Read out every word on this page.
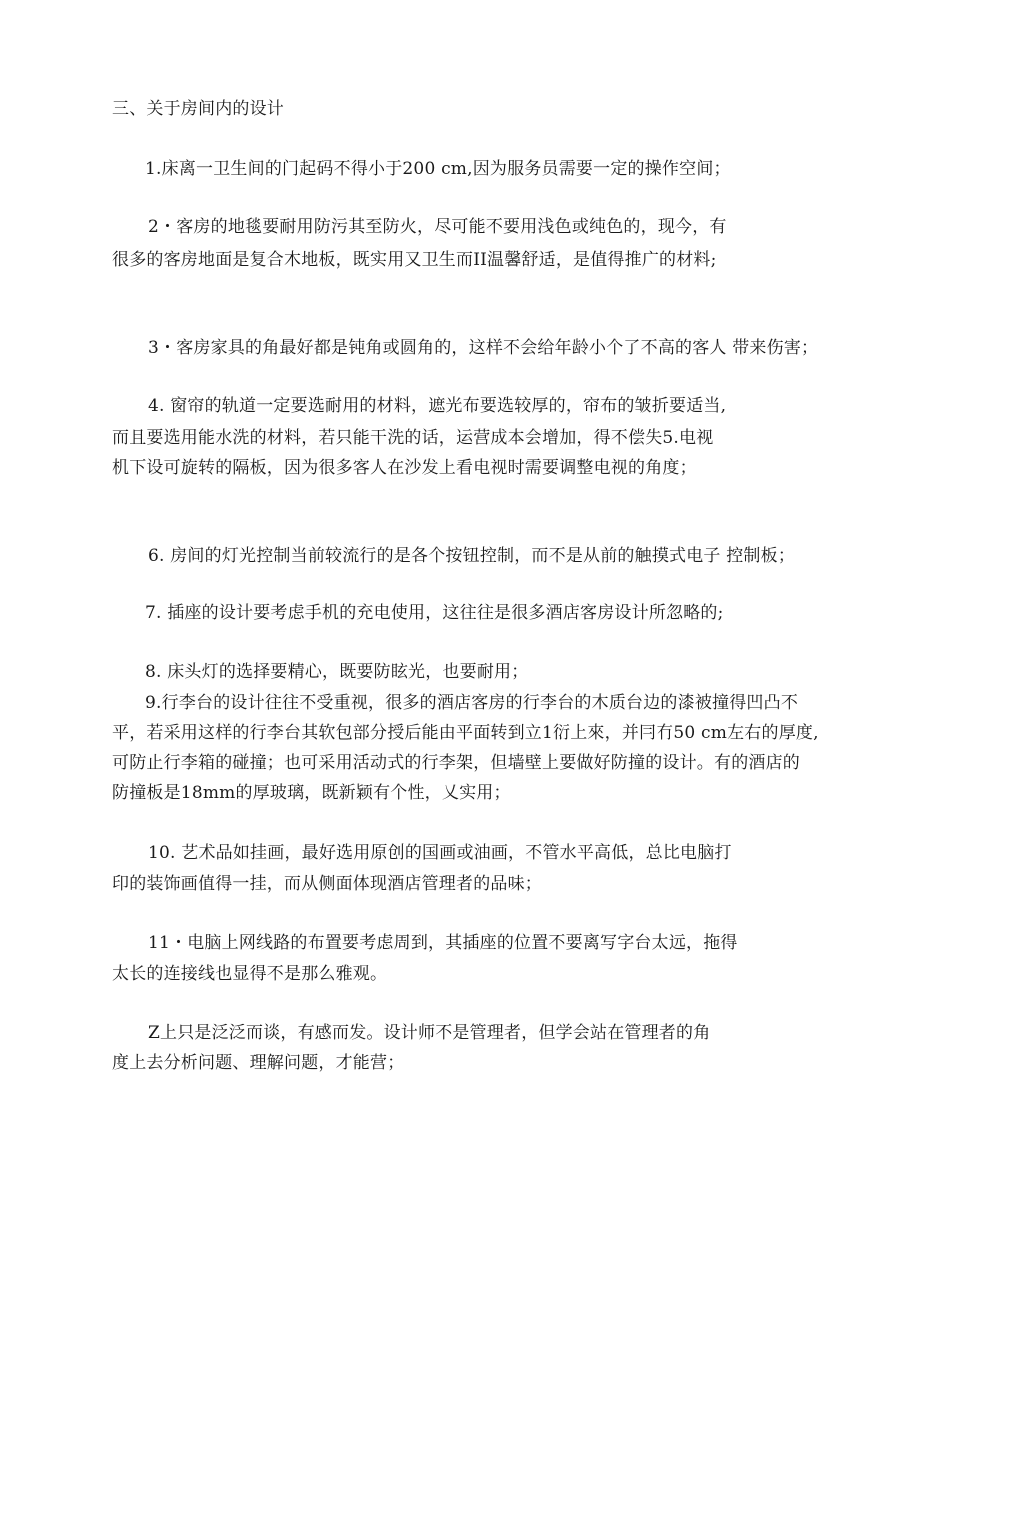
三、关于房间内的设计
1.床离一卫生间的门起码不得小于200 cm,因为服务员需要一定的操作空间；
2・客房的地毯要耐用防污其至防火，尽可能不要用浅色或纯色的，现今，有
很多的客房地面是复合木地板，既实用又卫生而II温馨舒适，是值得推广的材料;
3・客房家具的角最好都是钝角或圆角的，这样不会给年龄小个了不高的客人 带来伤害；
4. 窗帘的轨道一定要选耐用的材料，遮光布要选较厚的，帘布的皱折要适当,
而且要选用能水洗的材料，若只能干洗的话，运营成本会增加，得不偿失5.电视
机下设可旋转的隔板，因为很多客人在沙发上看电视时需要调整电视的角度；
6. 房间的灯光控制当前较流行的是各个按钮控制，而不是从前的触摸式电子 控制板；
7. 插座的设计要考虑手机的充电使用，这往往是很多酒店客房设计所忽略的;
8. 床头灯的选择要精心，既要防眩光，也要耐用；
9.行李台的设计往往不受重视，很多的酒店客房的行李台的木质台边的漆被撞得凹凸不
平，若采用这样的行李台其软包部分授后能由平面转到立1衍上來，并冃冇50 cm左右的厚度,
可防止行李箱的碰撞；也可采用活动式的行李架，但墙壁上要做好防撞的设计。有的酒店的
防撞板是18mm的厚玻璃，既新颖有个性，乂实用；
10. 艺术品如挂画，最好选用原创的国画或油画，不管水平高低，总比电脑打
印的装饰画值得一挂，而从侧面体现酒店管理者的品味；
11・电脑上网线路的布置要考虑周到，其插座的位置不要离写字台太远，拖得
太长的连接线也显得不是那么雅观。
Z上只是泛泛而谈，有感而发。设计师不是管理者，但学会站在管理者的角
度上去分析问题、理解问题，才能营；
